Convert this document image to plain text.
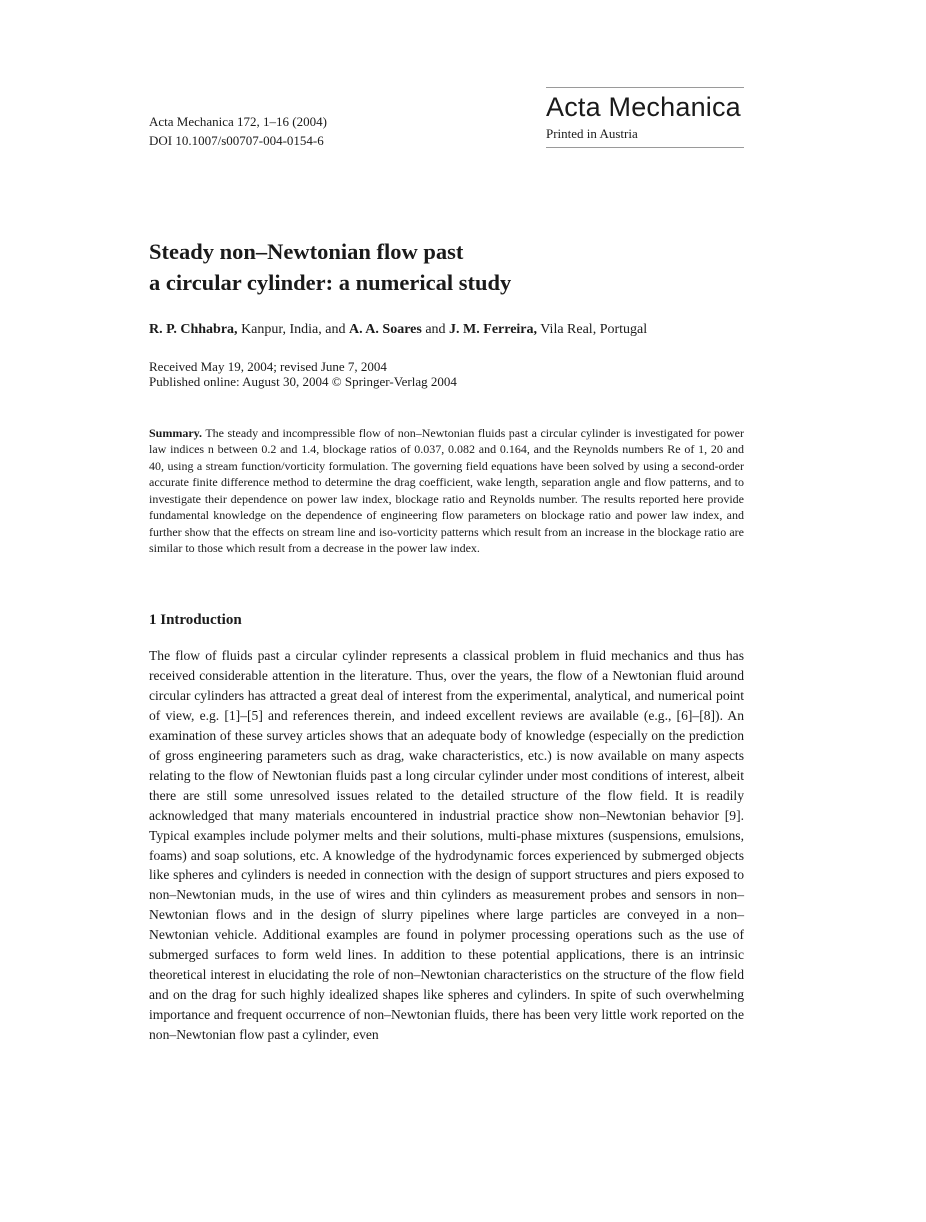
Acta Mechanica 172, 1–16 (2004)
DOI 10.1007/s00707-004-0154-6
Acta Mechanica
Printed in Austria
Steady non–Newtonian flow past
a circular cylinder: a numerical study
R. P. Chhabra, Kanpur, India, and A. A. Soares and J. M. Ferreira, Vila Real, Portugal
Received May 19, 2004; revised June 7, 2004
Published online: August 30, 2004 © Springer-Verlag 2004
Summary. The steady and incompressible flow of non–Newtonian fluids past a circular cylinder is investigated for power law indices n between 0.2 and 1.4, blockage ratios of 0.037, 0.082 and 0.164, and the Reynolds numbers Re of 1, 20 and 40, using a stream function/vorticity formulation. The governing field equations have been solved by using a second-order accurate finite difference method to determine the drag coefficient, wake length, separation angle and flow patterns, and to investigate their dependence on power law index, blockage ratio and Reynolds number. The results reported here provide fundamental knowledge on the dependence of engineering flow parameters on blockage ratio and power law index, and further show that the effects on stream line and iso-vorticity patterns which result from an increase in the blockage ratio are similar to those which result from a decrease in the power law index.
1 Introduction

The flow of fluids past a circular cylinder represents a classical problem in fluid mechanics and thus has received considerable attention in the literature. Thus, over the years, the flow of a Newtonian fluid around circular cylinders has attracted a great deal of interest from the experimental, analytical, and numerical point of view, e.g. [1]–[5] and references therein, and indeed excellent reviews are available (e.g., [6]–[8]). An examination of these survey articles shows that an adequate body of knowledge (especially on the prediction of gross engineering parameters such as drag, wake characteristics, etc.) is now available on many aspects relating to the flow of Newtonian fluids past a long circular cylinder under most conditions of interest, albeit there are still some unresolved issues related to the detailed structure of the flow field. It is readily acknowledged that many materials encountered in industrial practice show non–Newtonian behavior [9]. Typical examples include polymer melts and their solutions, multi-phase mixtures (suspensions, emulsions, foams) and soap solutions, etc. A knowledge of the hydrodynamic forces experienced by submerged objects like spheres and cylinders is needed in connection with the design of support structures and piers exposed to non–Newtonian muds, in the use of wires and thin cylinders as measurement probes and sensors in non–Newtonian flows and in the design of slurry pipelines where large particles are conveyed in a non–Newtonian vehicle. Additional examples are found in polymer processing operations such as the use of submerged surfaces to form weld lines. In addition to these potential applications, there is an intrinsic theoretical interest in elucidating the role of non–Newtonian characteristics on the structure of the flow field and on the drag for such highly idealized shapes like spheres and cylinders. In spite of such overwhelming importance and frequent occurrence of non–Newtonian fluids, there has been very little work reported on the non–Newtonian flow past a cylinder, even
